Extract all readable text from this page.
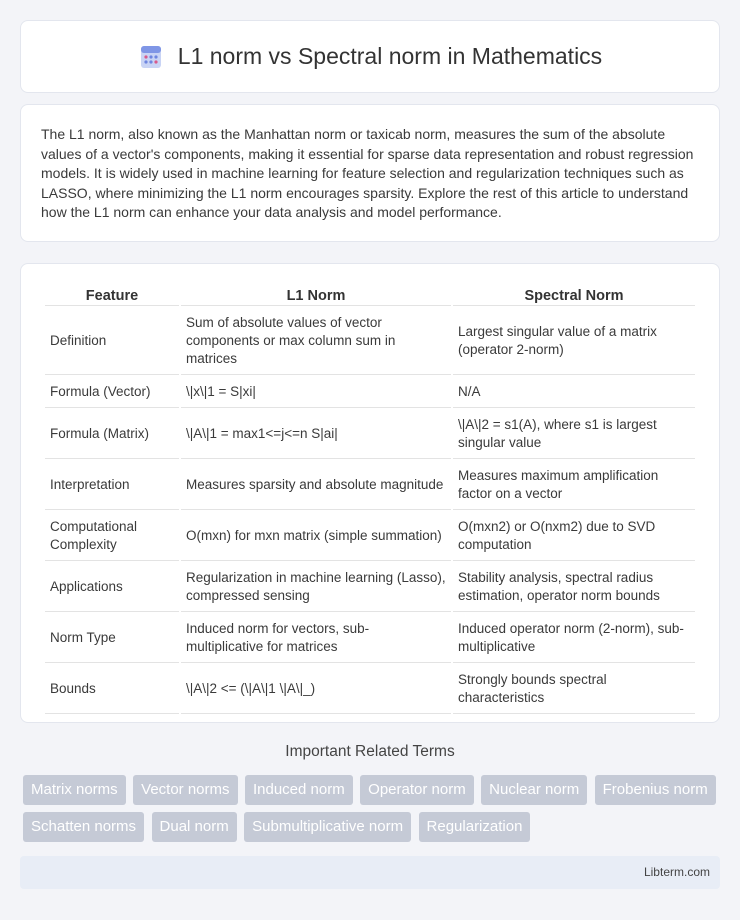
L1 norm vs Spectral norm in Mathematics

The L1 norm, also known as the Manhattan norm or taxicab norm, measures the sum of the absolute values of a vector's components, making it essential for sparse data representation and robust regression models. It is widely used in machine learning for feature selection and regularization techniques such as LASSO, where minimizing the L1 norm encourages sparsity. Explore the rest of this article to understand how the L1 norm can enhance your data analysis and model performance.

Feature	L1 Norm	Spectral Norm
Definition	Sum of absolute values of vector components or max column sum in matrices	Largest singular value of a matrix (operator 2-norm)
Formula (Vector)	\|x\|1 = S|xi|	N/A
Formula (Matrix)	\|A\|1 = max1<=j<=n S|ai|	\|A\|2 = s1(A), where s1 is largest singular value
Interpretation	Measures sparsity and absolute magnitude	Measures maximum amplification factor on a vector
Computational Complexity	O(mxn) for mxn matrix (simple summation)	O(mxn2) or O(nxm2) due to SVD computation
Applications	Regularization in machine learning (Lasso), compressed sensing	Stability analysis, spectral radius estimation, operator norm bounds
Norm Type	Induced norm for vectors, sub-multiplicative for matrices	Induced operator norm (2-norm), sub-multiplicative
Bounds	\|A\|2 <= (\|A\|1 \|A\|_)	Strongly bounds spectral characteristics
Important Related Terms
Matrix norms Vector norms Induced norm Operator norm Nuclear norm Frobenius norm Schatten norms Dual norm Submultiplicative norm Regularization
Libterm.com
